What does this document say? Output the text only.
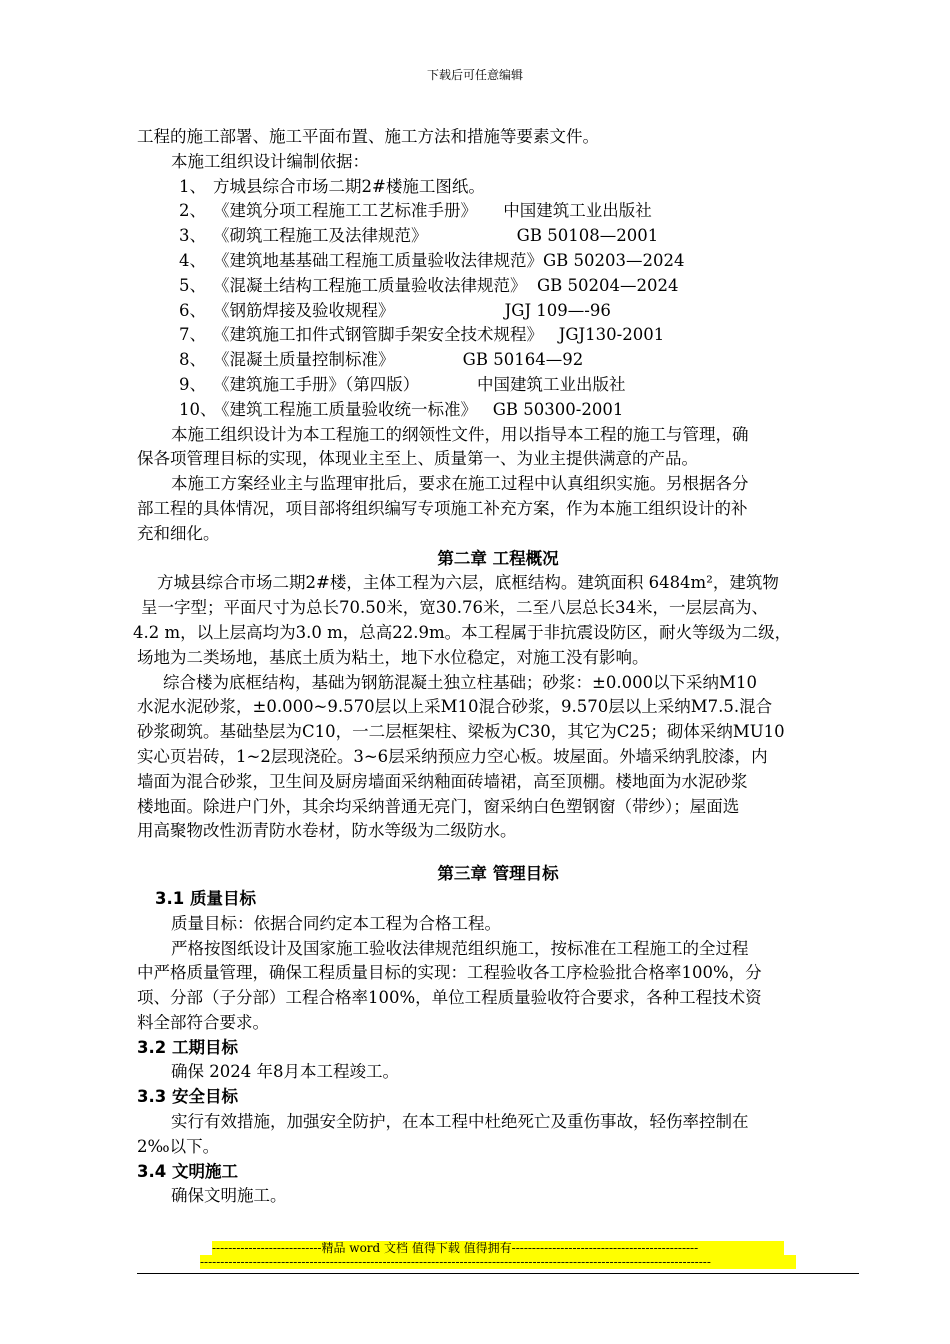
下载后可任意编辑

工程的施工部署、施工平面布置、施工方法和措施等要素文件。

本施工组织设计编制依据：

1、 方城县综合市场二期2#楼施工图纸。
2、 《建筑分项工程施工工艺标准手册》 中国建筑工业出版社
3、 《砌筑工程施工及法律规范》 GB 50108—2001
4、 《建筑地基基础工程施工质量验收法律规范》 GB 50203—2024
5、 《混凝土结构工程施工质量验收法律规范》 GB 50204—2024
6、 《钢筋焊接及验收规程》 JGJ 109—-96
7、 《建筑施工扣件式钢管脚手架安全技术规程》 JGJ130-2001
8、 《混凝土质量控制标准》 GB 50164—92
9、 《建筑施工手册》（第四版） 中国建筑工业出版社
10、
《建筑工程施工质量验收统一标准》 GB 50300-2001

本施工组织设计为本工程施工的纲领性文件，用以指导本工程的施工与管理，确

保各项管理目标的实现，体现业主至上、质量第一、为业主提供满意的产品。

本施工方案经业主与监理审批后，要求在施工过程中认真组织实施。另根据各分

部工程的具体情况，项目部将组织编写专项施工补充方案，作为本施工组织设计的补

充和细化。

第二章 工程概况

方城县综合市场二期2#楼，主体工程为六层，底框结构。建筑面积 6484m²，建筑物

呈一字型；平面尺寸为总长70.50米，宽30.76米，二至八层总长34米，一层层高为、

4.2 m，以上层高均为3.0 m，总高22.9m。本工程属于非抗震设防区，耐火等级为二级，

场地为二类场地，基底土质为粘土，地下水位稳定，对施工没有影响。

综合楼为底框结构，基础为钢筋混凝土独立柱基础；砂浆：±0.000以下采纳M10

水泥水泥砂浆，±0.000~9.570层以上采M10混合砂浆，9.570层以上采纳M7.5.混合

砂浆砌筑。基础垫层为C10，一二层框架柱、梁板为C30，其它为C25；砌体采纳MU10

实心页岩砖，1~2层现浇砼。3~6层采纳预应力空心板。坡屋面。外墙采纳乳胶漆，内

墙面为混合砂浆，卫生间及厨房墙面采纳釉面砖墙裙，高至顶棚。楼地面为水泥砂浆

楼地面。除进户门外，其余均采纳普通无亮门，窗采纳白色塑钢窗（带纱）；屋面选

用高聚物改性沥青防水卷材，防水等级为二级防水。

第三章 管理目标

3.1 质量目标

质量目标：依据合同约定本工程为合格工程。

严格按图纸设计及国家施工验收法律规范组织施工，按标准在工程施工的全过程

中严格质量管理，确保工程质量目标的实现：工程验收各工序检验批合格率100%，分

项、分部（子分部）工程合格率100%，单位工程质量验收符合要求，各种工程技术资

料全部符合要求。

3.2 工期目标

确保 2024 年8月本工程竣工。

3.3 安全目标

实行有效措施，加强安全防护，在本工程中杜绝死亡及重伤事故，轻伤率控制在

2‰以下。

3.4 文明施工

确保文明施工。

---------------------------精品 word 文档 值得下载 值得拥有----------------------------------------------
------------------------------------------------------------------------------------------------------------------------------
